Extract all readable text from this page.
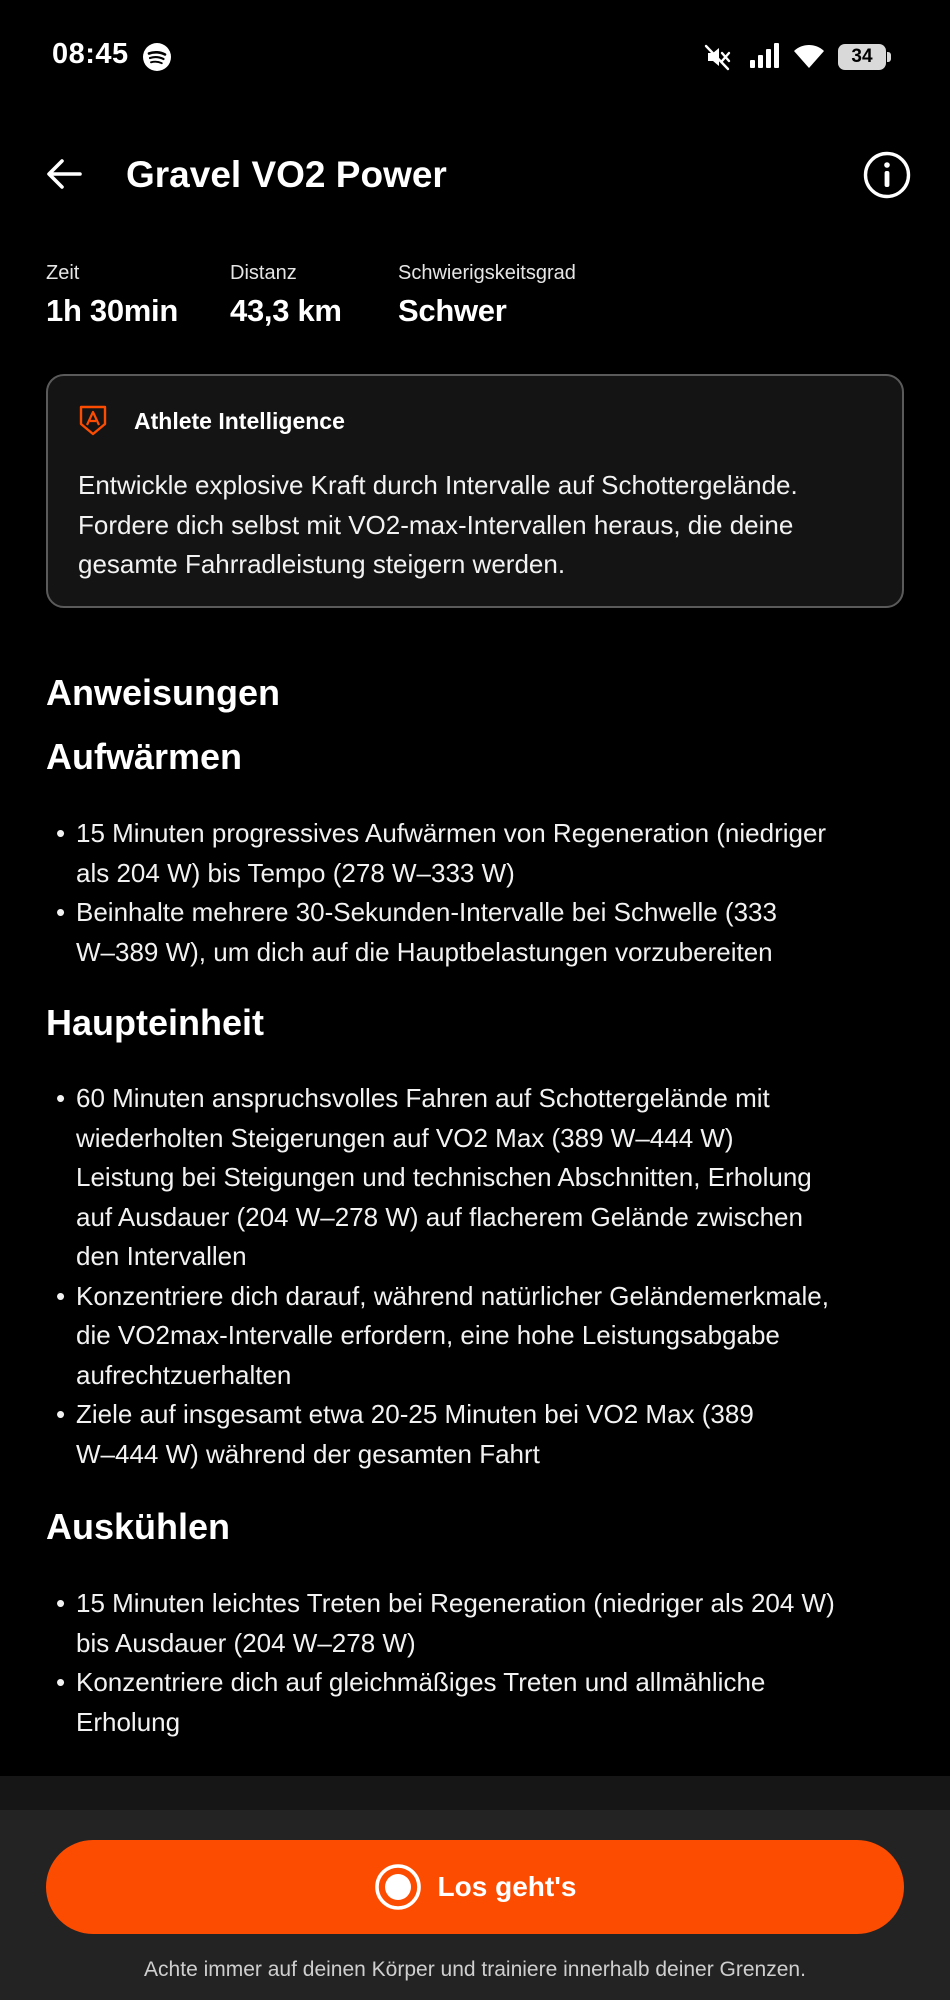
08:45	34
Gravel VO2 Power
Zeit
1h 30min
Distanz
43,3 km
Schwierigskeitsgrad
Schwer
Athlete Intelligence
Entwickle explosive Kraft durch Intervalle auf Schottergelände.
Fordere dich selbst mit VO2-max-Intervallen heraus, die deine
gesamte Fahrradleistung steigern werden.
Anweisungen
Aufwärmen
• 15 Minuten progressives Aufwärmen von Regeneration (niedriger
als 204 W) bis Tempo (278 W–333 W)
• Beinhalte mehrere 30-Sekunden-Intervalle bei Schwelle (333
W–389 W), um dich auf die Hauptbelastungen vorzubereiten
Haupteinheit
• 60 Minuten anspruchsvolles Fahren auf Schottergelände mit
wiederholten Steigerungen auf VO2 Max (389 W–444 W)
Leistung bei Steigungen und technischen Abschnitten, Erholung
auf Ausdauer (204 W–278 W) auf flacherem Gelände zwischen
den Intervallen
• Konzentriere dich darauf, während natürlicher Geländemerkmale,
die VO2max-Intervalle erfordern, eine hohe Leistungsabgabe
aufrechtzuerhalten
• Ziele auf insgesamt etwa 20-25 Minuten bei VO2 Max (389
W–444 W) während der gesamten Fahrt
Auskühlen
• 15 Minuten leichtes Treten bei Regeneration (niedriger als 204 W)
bis Ausdauer (204 W–278 W)
• Konzentriere dich auf gleichmäßiges Treten und allmähliche
Erholung
Los geht's
Achte immer auf deinen Körper und trainiere innerhalb deiner Grenzen.
